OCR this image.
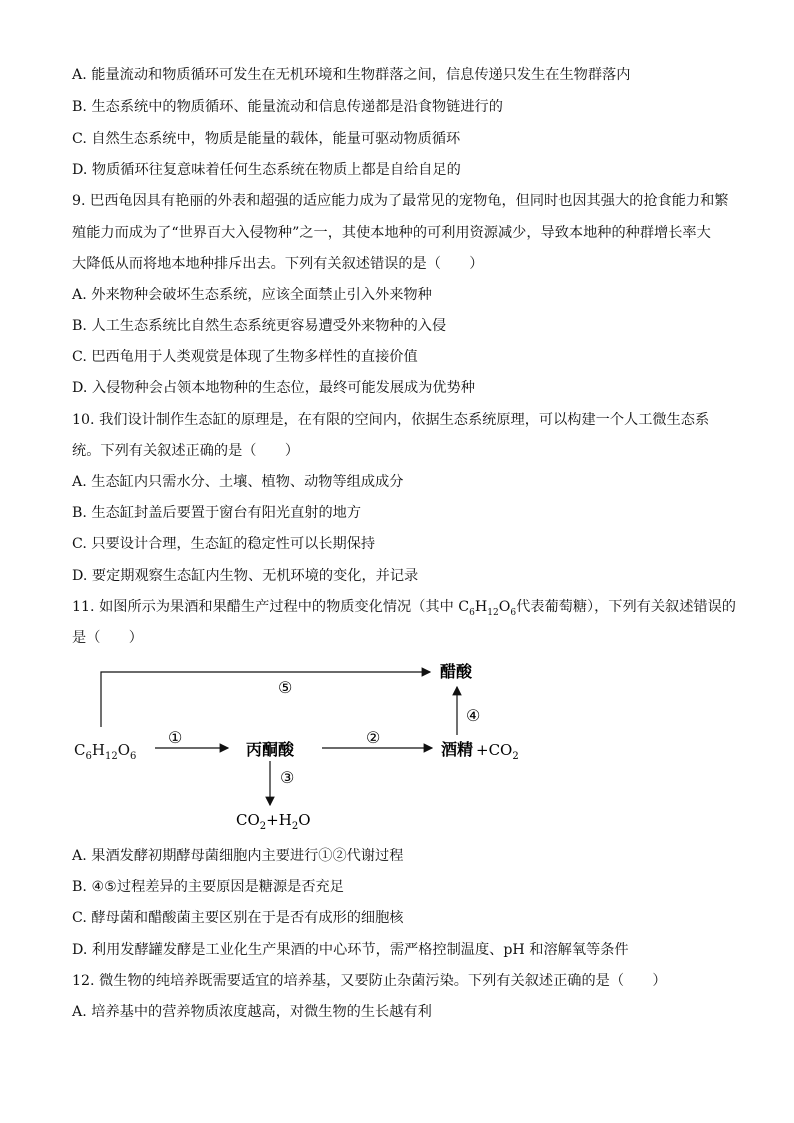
A. 能量流动和物质循环可发生在无机环境和生物群落之间，信息传递只发生在生物群落内
B. 生态系统中的物质循环、能量流动和信息传递都是沿食物链进行的
C. 自然生态系统中，物质是能量的载体，能量可驱动物质循环
D. 物质循环往复意味着任何生态系统在物质上都是自给自足的
9. 巴西龟因具有艳丽的外表和超强的适应能力成为了最常见的宠物龟，但同时也因其强大的抢食能力和繁
殖能力而成为了“世界百大入侵物种”之一，其使本地种的可利用资源减少，导致本地种的种群增长率大
大降低从而将地本地种排斥出去。下列有关叙述错误的是（　　）
A. 外来物种会破坏生态系统，应该全面禁止引入外来物种
B. 人工生态系统比自然生态系统更容易遭受外来物种的入侵
C. 巴西龟用于人类观赏是体现了生物多样性的直接价值
D. 入侵物种会占领本地物种的生态位，最终可能发展成为优势种
10. 我们设计制作生态缸的原理是，在有限的空间内，依据生态系统原理，可以构建一个人工微生态系
统。下列有关叙述正确的是（　　）
A. 生态缸内只需水分、土壤、植物、动物等组成成分
B. 生态缸封盖后要置于窗台有阳光直射的地方
C. 只要设计合理，生态缸的稳定性可以长期保持
D. 要定期观察生态缸内生物、无机环境的变化，并记录
11. 如图所示为果酒和果醋生产过程中的物质变化情况（其中 $C_6H_{12}O_6$代表葡萄糖），下列有关叙述错误的
是（　　）
$C_6H_{12}O_6$
①
丙酮酸
②
酒精 $+CO_2$
④
醋酸
⑤
③
$CO_2+H_2O$
A. 果酒发酵初期酵母菌细胞内主要进行①②代谢过程
B. ④⑤过程差异的主要原因是糖源是否充足
C. 酵母菌和醋酸菌主要区别在于是否有成形的细胞核
D. 利用发酵罐发酵是工业化生产果酒的中心环节，需严格控制温度、pH 和溶解氧等条件
12. 微生物的纯培养既需要适宜的培养基，又要防止杂菌污染。下列有关叙述正确的是（　　）
A. 培养基中的营养物质浓度越高，对微生物的生长越有利
